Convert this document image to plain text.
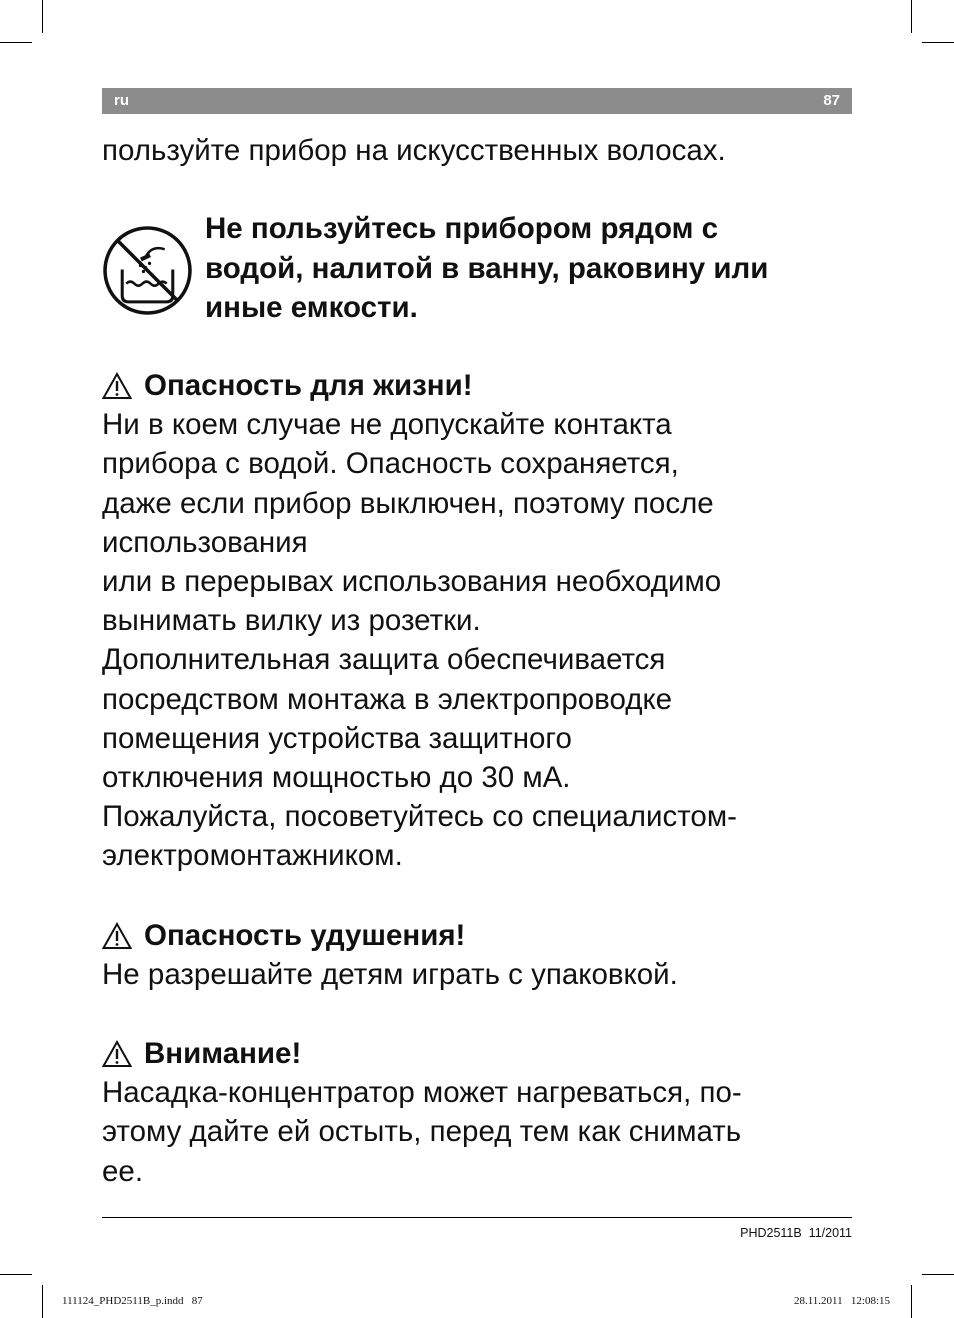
ru	87

пользуйте прибор на искусственных волосах.

Не пользуйтесь прибором рядом с
водой, налитой в ванну, раковину или
иные емкости.

Опасность для жизни!

Ни в коем случае не допускайте контакта
прибора с водой. Опасность сохраняется,
даже если прибор выключен, поэтому после
использования
или в перерывах использования необходимо
вынимать вилку из розетки.
Дополнительная защита обеспечивается
посредством монтажа в электропроводке
помещения устройства защитного
отключения мощностью до 30 мА.
Пожалуйста, посоветуйтесь со специалистом-
электромонтажником.

Опасность удушения!

Не разрешайте детям играть с упаковкой.

Внимание!

Насадка-концентратор может нагреваться, по-
этому дайте ей остыть, перед тем как снимать
ее.

PHD2511B  11/2011
111124_PHD2511B_p.indd   87	28.11.2011   12:08:15
